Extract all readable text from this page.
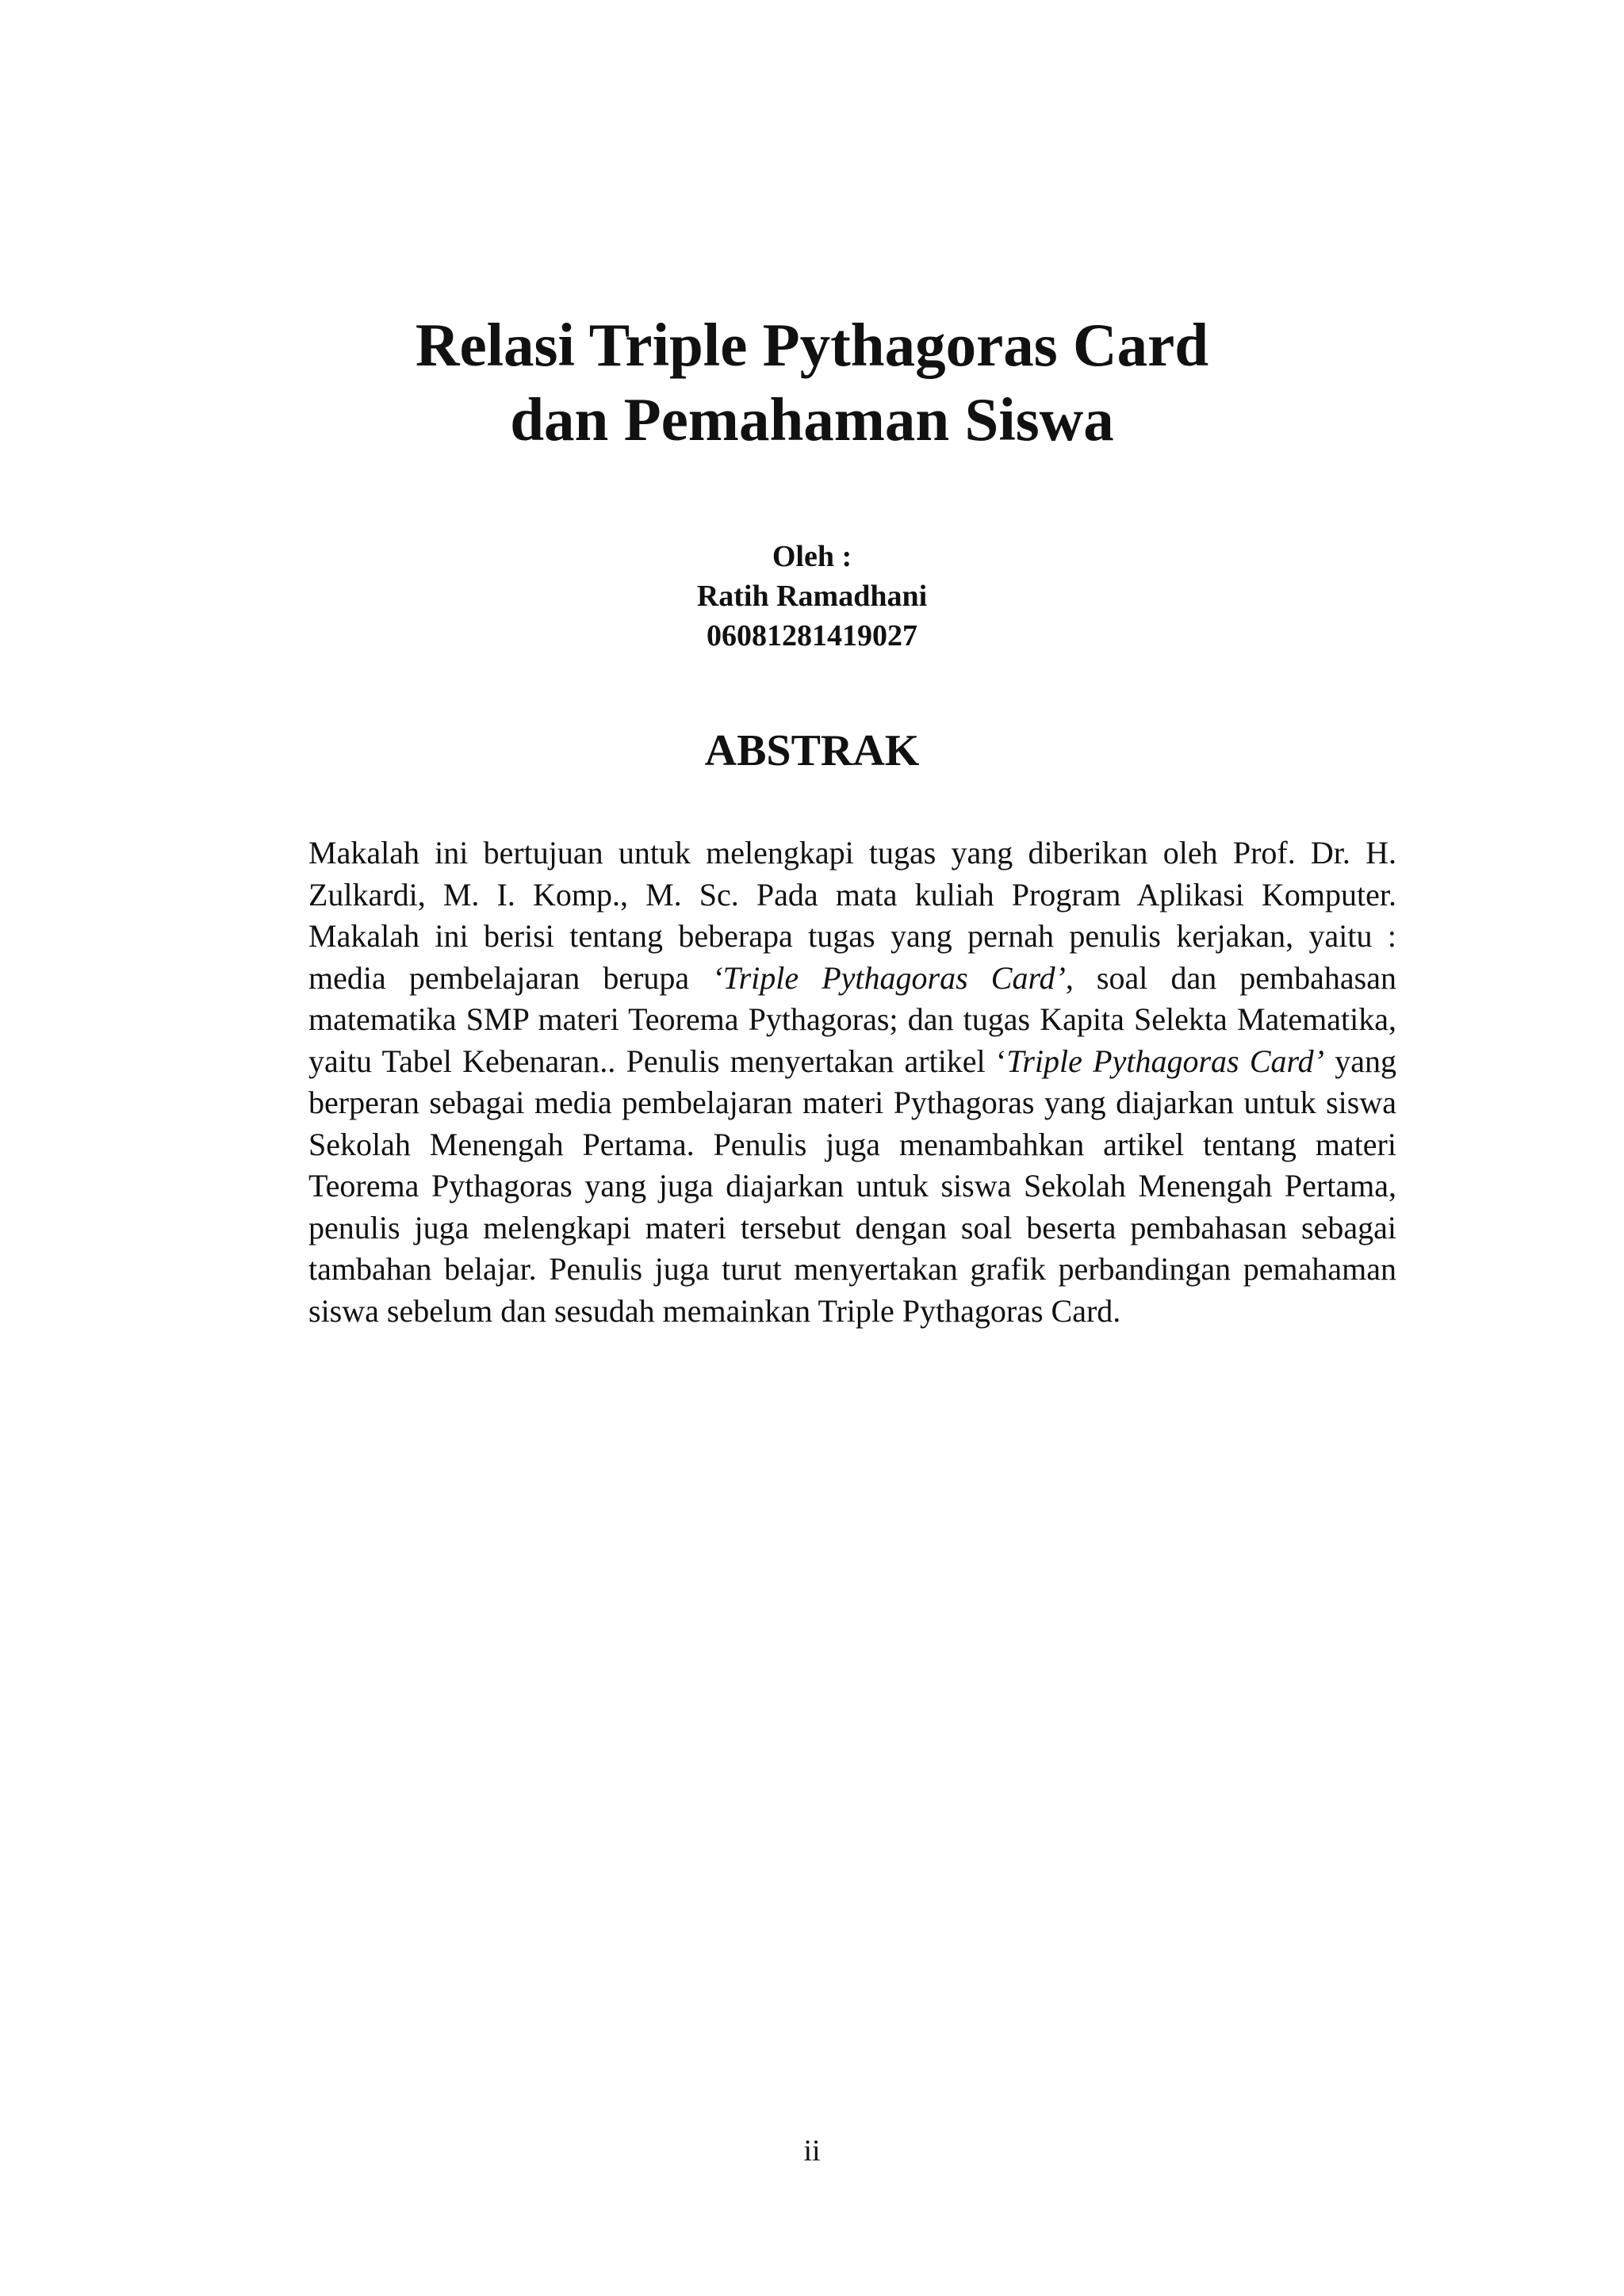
Relasi Triple Pythagoras Card
dan Pemahaman Siswa
Oleh :
Ratih Ramadhani
06081281419027
ABSTRAK

Makalah ini bertujuan untuk melengkapi tugas yang diberikan oleh Prof. Dr. H. Zulkardi, M. I. Komp., M. Sc. Pada mata kuliah Program Aplikasi Komputer. Makalah ini berisi tentang beberapa tugas yang pernah penulis kerjakan, yaitu : media pembelajaran berupa ‘Triple Pythagoras Card’, soal dan pembahasan matematika SMP materi Teorema Pythagoras; dan tugas Kapita Selekta Matematika, yaitu Tabel Kebenaran.. Penulis menyertakan artikel ‘Triple Pythagoras Card’ yang berperan sebagai media pembelajaran materi Pythagoras yang diajarkan untuk siswa Sekolah Menengah Pertama. Penulis juga menambahkan artikel tentang materi Teorema Pythagoras yang juga diajarkan untuk siswa Sekolah Menengah Pertama, penulis juga melengkapi materi tersebut dengan soal beserta pembahasan sebagai tambahan belajar. Penulis juga turut menyertakan grafik perbandingan pemahaman siswa sebelum dan sesudah memainkan Triple Pythagoras Card.

ii
